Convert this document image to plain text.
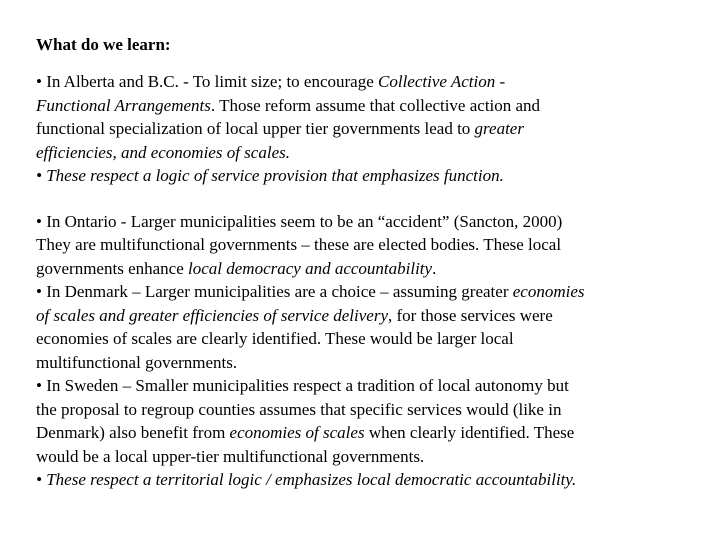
What do we learn:
• In Alberta and B.C. - To limit size; to encourage Collective Action -
Functional Arrangements. Those reform assume that collective action and
functional specialization of local upper tier governments lead to greater
efficiencies, and economies of scales.
• These respect a logic of service provision that emphasizes function.
• In Ontario - Larger municipalities seem to be an “accident” (Sancton, 2000)
They are multifunctional governments – these are elected bodies. These local
governments enhance local democracy and accountability.
• In Denmark – Larger municipalities are a choice – assuming greater economies
of scales and greater efficiencies of service delivery, for those services were
economies of scales are clearly identified. These would be larger local
multifunctional governments.
• In Sweden – Smaller municipalities respect a tradition of local autonomy but
the proposal to regroup counties assumes that specific services would (like in
Denmark) also benefit from economies of scales when clearly identified. These
would be a local upper-tier multifunctional governments.
• These respect a territorial logic / emphasizes local democratic accountability.
